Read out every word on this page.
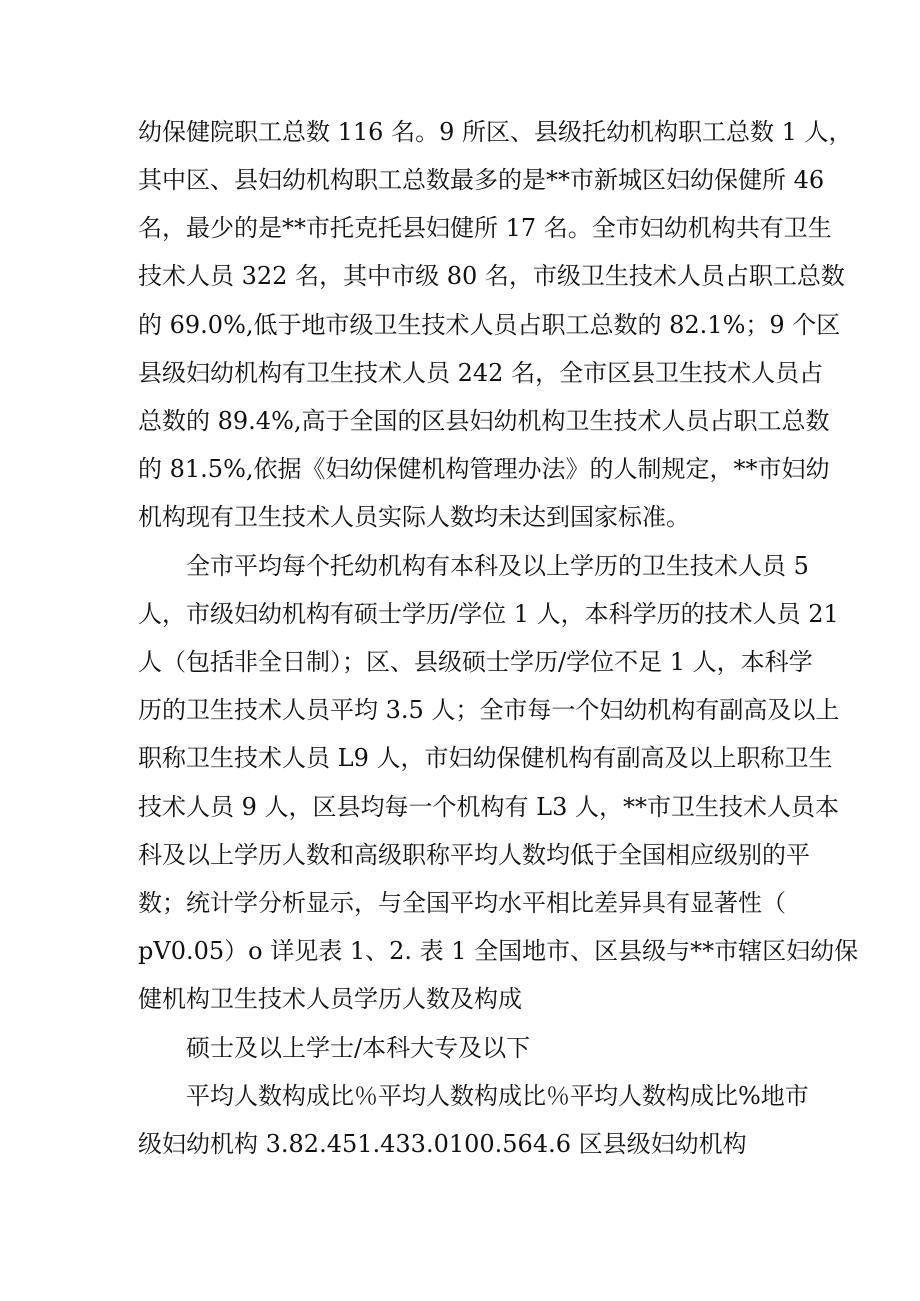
幼保健院职工总数 116 名。9 所区、县级托幼机构职工总数 1 人，
其中区、县妇幼机构职工总数最多的是**市新城区妇幼保健所 46
名，最少的是**市托克托县妇健所 17 名。全市妇幼机构共有卫生
技术人员 322 名，其中市级 80 名，市级卫生技术人员占职工总数
的 69.0%,低于地市级卫生技术人员占职工总数的 82.1%；9 个区
县级妇幼机构有卫生技术人员 242 名，全市区县卫生技术人员占
总数的 89.4%,高于全国的区县妇幼机构卫生技术人员占职工总数
的 81.5%,依据《妇幼保健机构管理办法》的人制规定，**市妇幼
机构现有卫生技术人员实际人数均未达到国家标准。
全市平均每个托幼机构有本科及以上学历的卫生技术人员 5
人，市级妇幼机构有硕士学历/学位 1 人，本科学历的技术人员 21
人（包括非全日制）；区、县级硕士学历/学位不足 1 人，本科学
历的卫生技术人员平均 3.5 人；全市每一个妇幼机构有副高及以上
职称卫生技术人员 L9 人，市妇幼保健机构有副高及以上职称卫生
技术人员 9 人，区县均每一个机构有 L3 人，**市卫生技术人员本
科及以上学历人数和高级职称平均人数均低于全国相应级别的平
数；统计学分析显示，与全国平均水平相比差异具有显著性（
pV0.05）o 详见表 1、2. 表 1 全国地市、区县级与**市辖区妇幼保
健机构卫生技术人员学历人数及构成
硕士及以上学士/本科大专及以下
平均人数构成比％平均人数构成比％平均人数构成比%地市
级妇幼机构 3.82.451.433.0100.564.6 区县级妇幼机构
